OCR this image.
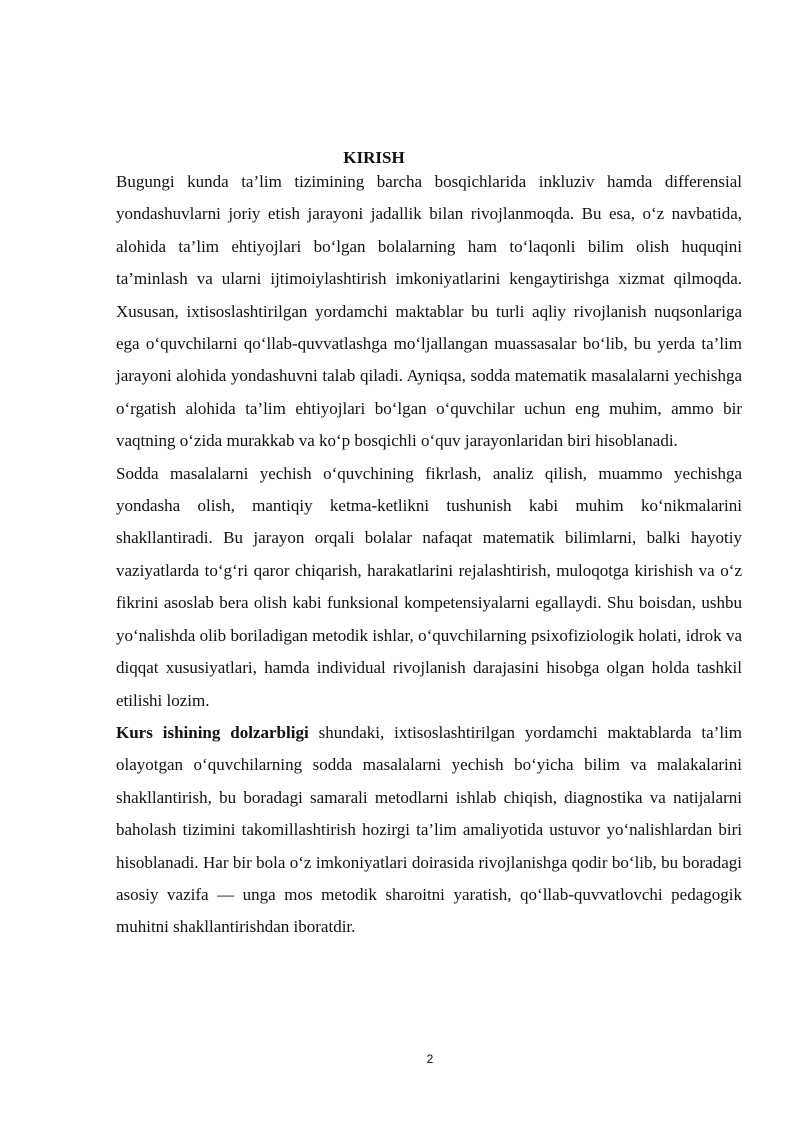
KIRISH

Bugungi kunda ta’lim tizimining barcha bosqichlarida inkluziv hamda differensial yondashuvlarni joriy etish jarayoni jadallik bilan rivojlanmoqda. Bu esa, o‘z navbatida, alohida ta’lim ehtiyojlari bo‘lgan bolalarning ham to‘laqonli bilim olish huquqini ta’minlash va ularni ijtimoiylashtirish imkoniyatlarini kengaytirishga xizmat qilmoqda. Xususan, ixtisoslashtirilgan yordamchi maktablar bu turli aqliy rivojlanish nuqsonlariga ega o‘quvchilarni qo‘llab-quvvatlashga mo‘ljallangan muassasalar bo‘lib, bu yerda ta’lim jarayoni alohida yondashuvni talab qiladi. Ayniqsa, sodda matematik masalalarni yechishga o‘rgatish alohida ta’lim ehtiyojlari bo‘lgan o‘quvchilar uchun eng muhim, ammo bir vaqtning o‘zida murakkab va ko‘p bosqichli o‘quv jarayonlaridan biri hisoblanadi.

Sodda masalalarni yechish o‘quvchining fikrlash, analiz qilish, muammo yechishga yondasha olish, mantiqiy ketma-ketlikni tushunish kabi muhim ko‘nikmalarini shakllantiradi. Bu jarayon orqali bolalar nafaqat matematik bilimlarni, balki hayotiy vaziyatlarda to‘g‘ri qaror chiqarish, harakatlarini rejalashtirish, muloqotga kirishish va o‘z fikrini asoslab bera olish kabi funksional kompetensiyalarni egallaydi. Shu boisdan, ushbu yo‘nalishda olib boriladigan metodik ishlar, o‘quvchilarning psixofiziologik holati, idrok va diqqat xususiyatlari, hamda individual rivojlanish darajasini hisobga olgan holda tashkil etilishi lozim.

Kurs ishining dolzarbligi shundaki, ixtisoslashtirilgan yordamchi maktablarda ta’lim olayotgan o‘quvchilarning sodda masalalarni yechish bo‘yicha bilim va malakalarini shakllantirish, bu boradagi samarali metodlarni ishlab chiqish, diagnostika va natijalarni baholash tizimini takomillashtirish hozirgi ta’lim amaliyotida ustuvor yo‘nalishlardan biri hisoblanadi. Har bir bola o‘z imkoniyatlari doirasida rivojlanishga qodir bo‘lib, bu boradagi asosiy vazifa — unga mos metodik sharoitni yaratish, qo‘llab-quvvatlovchi pedagogik muhitni shakllantirishdan iboratdir.

2
